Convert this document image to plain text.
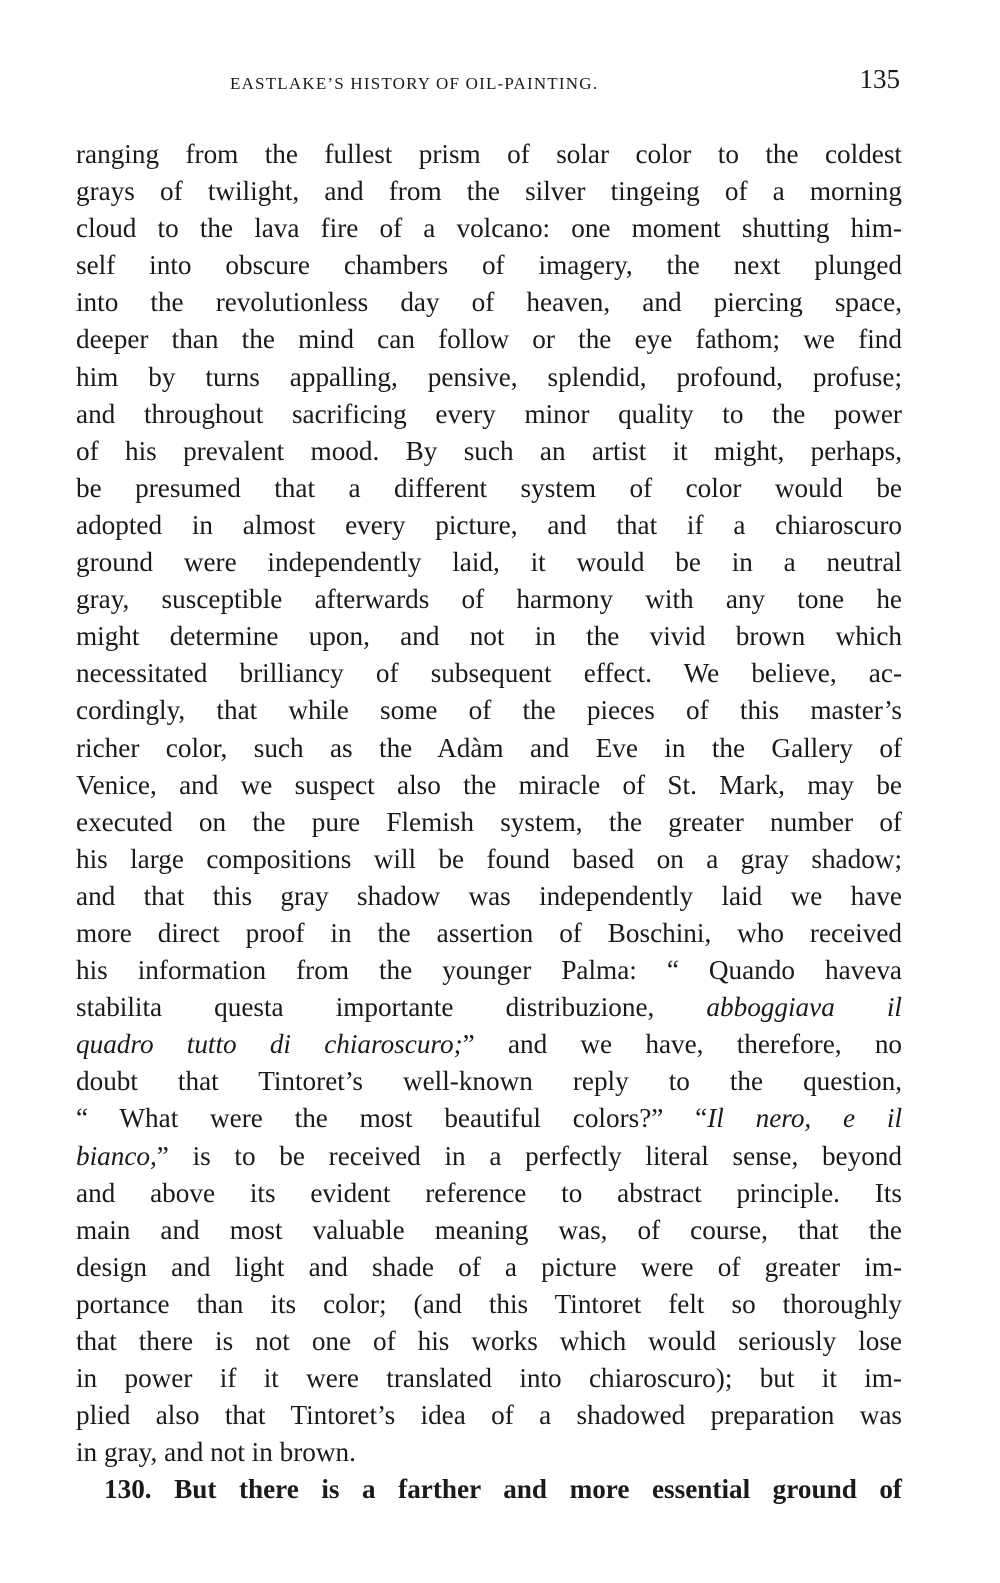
EASTLAKE’S HISTORY OF OIL-PAINTING.	135
ranging from the fullest prism of solar color to the coldest
grays of twilight, and from the silver tingeing of a morning
cloud to the lava fire of a volcano: one moment shutting him-
self into obscure chambers of imagery, the next plunged
into the revolutionless day of heaven, and piercing space,
deeper than the mind can follow or the eye fathom; we find
him by turns appalling, pensive, splendid, profound, profuse;
and throughout sacrificing every minor quality to the power
of his prevalent mood. By such an artist it might, perhaps,
be presumed that a different system of color would be
adopted in almost every picture, and that if a chiaroscuro
ground were independently laid, it would be in a neutral
gray, susceptible afterwards of harmony with any tone he
might determine upon, and not in the vivid brown which
necessitated brilliancy of subsequent effect. We believe, ac-
cordingly, that while some of the pieces of this master’s
richer color, such as the Adàm and Eve in the Gallery of
Venice, and we suspect also the miracle of St. Mark, may be
executed on the pure Flemish system, the greater number of
his large compositions will be found based on a gray shadow;
and that this gray shadow was independently laid we have
more direct proof in the assertion of Boschini, who received
his information from the younger Palma: “ Quando haveva
stabilita questa importante distribuzione, abboggiava il
quadro tutto di chiaroscuro;” and we have, therefore, no
doubt that Tintoret’s well-known reply to the question,
“ What were the most beautiful colors?” “Il nero, e il
bianco,” is to be received in a perfectly literal sense, beyond
and above its evident reference to abstract principle. Its
main and most valuable meaning was, of course, that the
design and light and shade of a picture were of greater im-
portance than its color; (and this Tintoret felt so thoroughly
that there is not one of his works which would seriously lose
in power if it were translated into chiaroscuro); but it im-
plied also that Tintoret’s idea of a shadowed preparation was
in gray, and not in brown.
130. But there is a farther and more essential ground of
